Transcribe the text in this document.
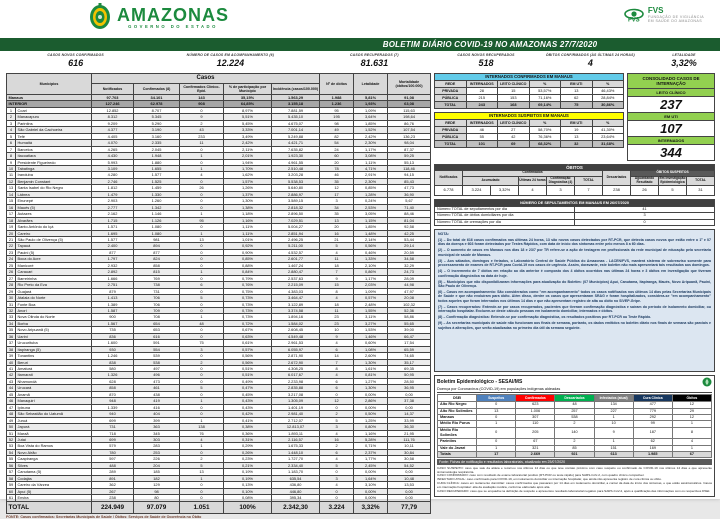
AMAZONAS
GOVERNO DO ESTADO
FVS
FVS
FUNDAÇÃO DE VIGILÂNCIA
EM SAÚDE DO AMAZONAS
BOLETIM DIÁRIO COVID-19 NO AMAZONAS 27/7/2020
CASOS NOVOS CONFIRMADOS
616
NÚMERO DE CASOS EM ACOMPANHAMENTO (6)
12.224
CASOS RECUPERADOS (7)
81.631
CASOS NOVOS RECUPERADOS
518
ÓBITOS CONFIRMADOS (ÀS ÚLTIMAS 24 HORAS)
4
LETALIDADE
3,32%
Municípios		Casos					Nº de óbitos	Letalidade	Mortalidade (óbitos/100.000)
		Notificados	Confirmados (8)	Confirmados Clínico-Epid.	% de participação por Município	Incidência (casos/100.000)			
Manaus		97.703	34.101	143	35,15%	1.563,29	1.988	5,81%	91,08
INTERIOR		127.246	62.978	908	64,85%	3.155,18	1.236	1,93%	63,08
1	Coari	12.852	8.707	0	8,97%	7.881,59	95	1,09%	115,63
2	Manacapuru	8.312	5.345	9	5,51%	5.435,10	195	3,64%	198,64
3	Parintins	9.209	5.290	2	5,45%	4.675,07	98	1,85%	86,76
4	São Gabriel da Cachoeira	4.377	3.190	43	3,33%	7.001,14	49	1,52%	107,54
5	Tefé	4.405	3.160	233	3,49%	5.249,88	82	2,42%	136,23
6	Humaitá	4.070	2.335	11	2,42%	4.421,71	54	2,30%	98,04
7	Barcelos	4.265	2.045	0	2,11%	7.635,82	24	1,17%	87,37
8	Itacoatiara	4.430	1.948	1	2,01%	1.923,30	60	3,08%	59,25
9	Presidente Figueiredo	5.993	1.880	0	1,94%	4.961,55	20	1,11%	55,13
10	Tabatinga	3.109	1.655	1	1,70%	2.510,48	78	4,71%	118,46
11	Iranduba	4.280	1.577	4	1,62%	3.203,28	46	2,91%	94,15
12	Benjamin Constant	2.746	1.525	0	1,57%	5.538,53	35	2,30%	85,43
13	Santa Isabel do Rio Negro	1.812	1.459	26	1,26%	5.640,80	12	0,85%	47,73
14	Lábrea	1.479	1.330	0	1,37%	2.886,97	17	1,28%	36,90
15	Eirunepé	2.903	1.260	0	1,30%	3.589,15	3	0,24%	5,67
16	Maués (5)	2.777	1.342	0	1,38%	2.818,32	34	2,53%	71,40
17	Autazes	2.162	1.146	1	1,18%	2.896,50	35	3,05%	88,46
18	Alvarães	1.715	1.126	95	1,16%	7.029,51	13	1,15%	81,04
19	Santo Antônio do Içá	1.571	1.080	0	1,11%	5.004,27	20	1,85%	92,58
20	Careiro	1.695	1.080	1	1,11%	2.851,94	16	1,48%	42,25
21	São Paulo de Olivença (5)	1.577	981	13	1,01%	2.496,25	21	2,14%	53,44
22	Tapauá	2.400	894	0	0,92%	5.211,00	5	0,56%	29,14
23	Pauini (5)	877	877	0	0,90%	4.532,57	4	0,46%	20,59
24	Boca do Acre	1.797	824	0	0,85%	2.601,77	11	1,33%	34,58
25	Manicoré	2.932	858	0	0,88%	1.467,24	18	2,10%	32,29
26	Carauari	2.892	815	1	0,84%	2.880,47	7	0,86%	24,73
27	Barreirinha	1.666	769	0	0,79%	2.537,63	9	1,17%	28,09
28	Rio Preto da Eva	2.751	738	6	0,76%	2.215,09	15	2,03%	44,98
29	Guajará	879	731	0	0,75%	4.383,03	8	1,09%	47,97
30	Atalaia do Norte	1.413	706	5	0,73%	3.464,47	4	0,57%	20,08
31	Fonte Boa	1.389	706	0	0,73%	3.122,89	18	2,48%	102,32
32	Anori	1.587	709	0	0,73%	3.374,58	11	1,55%	52,36
33	Nova Olinda do Norte	900	708	1	0,73%	1.894,16	23	3,11%	58,86
34	Borba	1.567	654	48	0,72%	1.584,02	23	3,27%	55,65
35	Novo Aripuanã (5)	735	653	0	0,67%	2.608,45	10	1,53%	39,00
36	Uarini	836	616	0	0,63%	4.549,48	9	1,46%	66,47
37	Urucurituba	1.600	591	75	0,61%	2.961,53	4	0,60%	17,54
38	Itapiranga (5)	930	554	3	0,57%	6.055,97	6	1,08%	65,59
39	Tonantins	1.246	539	0	0,56%	2.871,90	14	2,60%	74,65
40	Beruri	838	538	2	0,56%	2.672,90	7	1,30%	35,17
41	Amaturá	580	497	0	0,51%	4.308,25	8	1,61%	69,35
42	Itamarati	1.326	496	0	0,51%	6.017,67	4	0,81%	50,95
43	Nhamundá	628	473	0	0,49%	2.233,98	6	1,27%	28,50
44	Urucará	858	461	5	0,47%	2.835,88	6	1,30%	36,95
45	Anamã	870	438	0	0,45%	3.217,08	0	0,00%	0,00
46	Manaquiri	948	419	1	0,43%	1.305,09	12	2,86%	37,38
47	Ipixuna	1.339	416	0	0,43%	1.401,19	0	0,00%	0,00
48	São Sebastião do Uatumã	940	404	0	0,42%	2.981,40	2	0,50%	14,37
49	Juruá	699	399	1	0,41%	2.712,07	5	1,25%	33,99
50	Japurá	731	363	138	0,38%	12.813,07	3	0,80%	36,30
51	Maraã	718	345	76	0,36%	1.893,11	4	1,16%	21,95
52	Jutaí	699	303	4	0,31%	2.116,57	16	5,28%	111,76
53	Boa Vista do Ramos	579	283	1	0,29%	1.675,33	2	0,71%	10,11
54	Novo Airão	780	253	0	0,26%	1.448,10	6	2,37%	30,84
55	Caapiranga	597	226	2	0,23%	1.727,70	4	1,77%	30,58
56	Silves	488	204	5	0,21%	2.334,40	5	2,45%	54,52
57	Canutama (5)	289	185	13	0,19%	1.183,70	0	0,00%	0,00
58	Codajás	891	182	1	0,19%	635,54	3	1,64%	10,48
59	Careiro da Várzea	362	129	0	0,13%	436,80	4	3,10%	13,53
60	Apuí (5)	267	98	0	0,10%	446,80	0	0,00%	0,00
61	Envira	238	80	0	0,08%	395,34	0	0,00%	0,00
TOTAL		224.949	97.079	1.051	100%	2.342,30	3.224	3,32%	77,79
FONTE: Casos confirmados: Secretarias Municipais de Saúde / Óbitos: Serviços de Saúde de Ocorrência no Óbito
INTERNADOS CONFIRMADOS EM MANAUS					
REDE	INTERNADOS	LEITO CLÍNICO	%	EM UTI	%
PRIVADA	28	15	53,57%	13	46,43%
PÚBLICA	215	153	71,16%	62	28,84%
TOTAL	243	168	69,14%	75	30,86%
INTERNADOS SUSPEITOS EM MANAUS					
REDE	INTERNADOS	LEITO CLÍNICO	%	EM UTI	%
PRIVADA	46	27	58,70%	19	41,30%
PÚBLICA	55	42	76,36%	13	23,64%
TOTAL	101	69	68,32%	32	31,68%
CONSOLIDADO CASOS DE INTERNAÇÃO
LEITO CLÍNICO
237
EM UTI
107
INTERNADOS
344
ÓBITOS									
Notificados	Confirmados					Descartados	ÓBITOS SUSPEITOS		
	Acumulado		Últimas 24 horas	Confirmação Diagnóstica (4)	TOTAL		Aguardando Resultado	Em Investigação Epidemiológica	TOTAL
6.778	3.224	3,32%	4	3	7	238	26	5	31
NÚMERO DE SEPULTAMENTOS EM MANAUS EM 26/07/2020	
Número TOTAL de sepultamentos por dia	41
Número TOTAL de óbitos domiciliares por dia	3
Número TOTAL de cremações por dia	0
NOTA:
(1) – Do total de 616 casos confirmados nas últimas 24 horas, 13 são novos casos detectados por RT-PCR, que detecta casos novos que estão entre o 1º e 07 dias da doença e 603 foram detectados por Testes Rápidos, com data de início dos sintomas entre pelo menos 8 a 60 dias.
(2) – O aumento de casos em Manaus nos dias 18 e 23/7 por TR refere-se a ação de testagem em profissionais da rede municipal de educação pela secretaria municipal de saúde de Manaus.
(3) – Aos sábados, domingos e feriados, o Laboratório Central de Saúde Pública do Amazonas - LACEN/FVS, manterá sistema de sobreaviso somente para processamento de exames de RT-PCR para Covid-19 nos casos de urgência. Assim, doravante, este boletim não mais apresentará tais resultados aos domingos.
(4) – O incremento de 7 óbitos em relação ao dia anterior é composto dos 4 óbitos ocorridos nas últimas 24 horas e 3 óbitos em investigação que tiveram confirmação diagnóstica na data de hoje.
(5) – Municípios que não disponibilizaram informações para atualização do Boletim: (07 Municípios) Apuí, Canutama, Itapiranga, Maués, Novo Aripuanã, Pauini, São Paulo de Olivença.
(6) – Casos em acompanhamento: São considerados como "em acompanhamento" todos os casos notificados nos últimos 14 dias pelas Secretarias Municipais de Saúde e que não evoluíram para óbito. Além disso, dentre os casos que apresentaram SRAG e foram hospitalizados, considera-se "em acompanhamento" todos aqueles que foram internados nos últimos 14 dias e que não apresentam registro de alta ou óbito no SIVEP-Gripe.
(7) – Casos recuperados: Entende-se por casos recuperados, pacientes que tiveram confirmação diagnóstica e saíram do período de isolamento domiciliar, ou internação hospitalar. Excluem-se deste cálculo pessoas em isolamento domiciliar, internados e óbitos.
(8) – Confirmação diagnóstica: Entende-se por confirmação diagnóstica, os resultados positivos por RT-PCR ou Teste Rápido.
(9) – As secretarias municipais de saúde não funcionam aos finais de semana, portanto, os dados emitidos no boletim diário nos finais de semana são parciais e sujeitos à alterações, que serão atualizadas no primeiro dia útil da semana seguinte.
Boletim Epidemiológico - SESAI/MS
Doença por Coronavírus (COVID-19) em populações indígenas aldeadas
DSEI	Suspeitos	Confirmados	Descartados	Infectados (atual)	Cura Clínica	Óbitos
Alto Rio Negro	0	623	48	134	477	12
Alto Rio Solimões	13	1.006	257	227	779	29
Manaus	0	307	538	1	292	12
Médio Rio Purus	1	110	2	10	99	1
Médio Rio Solimões	0	205	140	9	187	8
Parintins	0	67	2	1	62	4
Vale do Javari	1	321	85	151	169	1
Totais	17	2.669	921	613	1.985	67
Fonte: Fichas de notificação e resultados laboratoriais, atualizado em 25/07/2020
CASO SUSPEITO: caso que saiu da aldeia e retornou nos últimos 14 dias ou que teve contato próximo com caso suspeito ou confirmado de COVID-19 nos últimos 14 dias e que apresente sintomatologia respiratória.
CASO CONFIRMADO: caso com resultado de exame laboratorial positivo (RT-PCR ou teste rápido) para SARS-CoV-2, com quadro clínico compatível.
INFECTADO ATUAL: caso confirmado para COVID-19, em isolamento domiciliar ou internação hospitalar, que ainda não apresenta registro de cura clínica ou óbito.
CURA CLÍNICA: casos em isolamento domiciliar: casos confirmados que passaram por 14 dias em isolamento domiciliar, a contar da data de início dos sintomas, e que estão assintomáticos. Casos em internação hospitalar: alta da avaliação médica, conforme elaborado após alta.
CASO RECUPERADO: caso que se enquadra na definição de suspeito e apresentou resultado laboratorial negativo para SARS-CoV-2, após a qualificação das informações com os respectivos DSEI.
